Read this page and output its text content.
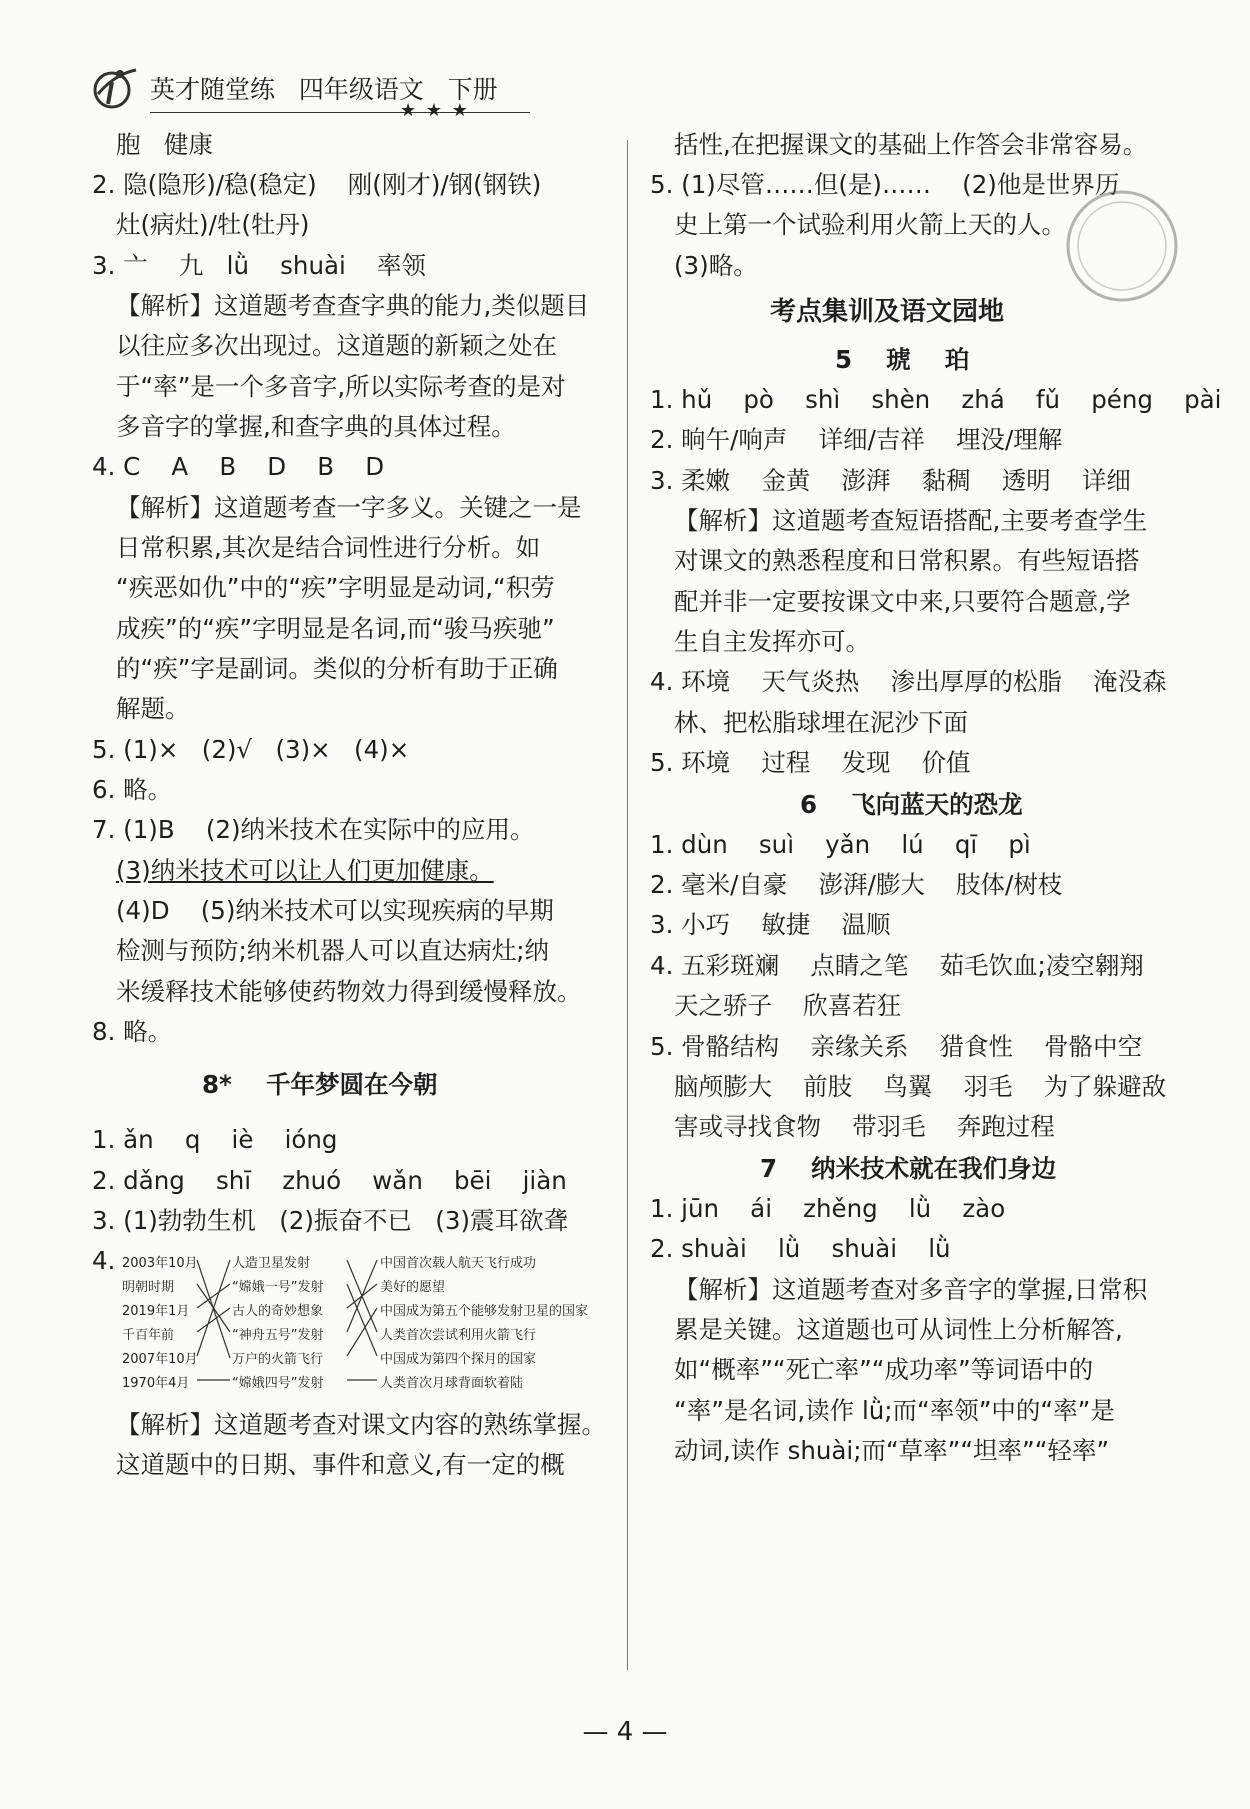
英才随堂练   四年级语文   下册
★ ★ ★
胞   健康
2. 隐(隐形)/稳(稳定)    刚(刚才)/钢(钢铁)
灶(病灶)/牡(牡丹)
3. 亠    九   lǜ    shuài    率领
【解析】这道题考查查字典的能力,类似题目
以往应多次出现过。这道题的新颖之处在
于“率”是一个多音字,所以实际考查的是对
多音字的掌握,和查字典的具体过程。
4. C    A    B    D    B    D
【解析】这道题考查一字多义。关键之一是
日常积累,其次是结合词性进行分析。如
“疾恶如仇”中的“疾”字明显是动词,“积劳
成疾”的“疾”字明显是名词,而“骏马疾驰”
的“疾”字是副词。类似的分析有助于正确
解题。
5. (1)×   (2)√   (3)×   (4)×
6. 略。
7. (1)B    (2)纳米技术在实际中的应用。
(3)纳米技术可以让人们更加健康。
(4)D    (5)纳米技术可以实现疾病的早期
检测与预防;纳米机器人可以直达病灶;纳
米缓释技术能够使药物效力得到缓慢释放。
8. 略。
8*    千年梦圆在今朝
1. ǎn    q    iè    ióng
2. dǎng    shī    zhuó    wǎn    bēi    jiàn
3. (1)勃勃生机   (2)振奋不已   (3)震耳欲聋
4. 2003年10月
明朝时期
2019年1月
千百年前
2007年10月
1970年4月
人造卫星发射
“嫦娥一号”发射
古人的奇妙想象
“神舟五号”发射
万户的火箭飞行
“嫦娥四号”发射
中国首次载人航天飞行成功
美好的愿望
中国成为第五个能够发射卫星的国家
人类首次尝试利用火箭飞行
中国成为第四个探月的国家
人类首次月球背面软着陆
【解析】这道题考查对课文内容的熟练掌握。
这道题中的日期、事件和意义,有一定的概
括性,在把握课文的基础上作答会非常容易。
5. (1)尽管……但(是)……    (2)他是世界历
史上第一个试验利用火箭上天的人。
(3)略。
考点集训及语文园地
5    琥    珀
1. hǔ    pò    shì    shèn    zhá    fǔ    péng    pài
2. 晌午/响声    详细/吉祥    埋没/理解
3. 柔嫩    金黄    澎湃    黏稠    透明    详细
【解析】这道题考查短语搭配,主要考查学生
对课文的熟悉程度和日常积累。有些短语搭
配并非一定要按课文中来,只要符合题意,学
生自主发挥亦可。
4. 环境    天气炎热    渗出厚厚的松脂    淹没森
林、把松脂球埋在泥沙下面
5. 环境    过程    发现    价值
6    飞向蓝天的恐龙
1. dùn    suì    yǎn    lú    qī    pì
2. 毫米/自豪    澎湃/膨大    肢体/树枝
3. 小巧    敏捷    温顺
4. 五彩斑斓    点睛之笔    茹毛饮血;凌空翱翔
天之骄子    欣喜若狂
5. 骨骼结构    亲缘关系    猎食性    骨骼中空
脑颅膨大    前肢    鸟翼    羽毛    为了躲避敌
害或寻找食物    带羽毛    奔跑过程
7    纳米技术就在我们身边
1. jūn    ái    zhěng    lǜ    zào
2. shuài    lǜ    shuài    lǜ
【解析】这道题考查对多音字的掌握,日常积
累是关键。这道题也可从词性上分析解答,
如“概率”“死亡率”“成功率”等词语中的
“率”是名词,读作 lǜ;而“率领”中的“率”是
动词,读作 shuài;而“草率”“坦率”“轻率”
— 4 —
